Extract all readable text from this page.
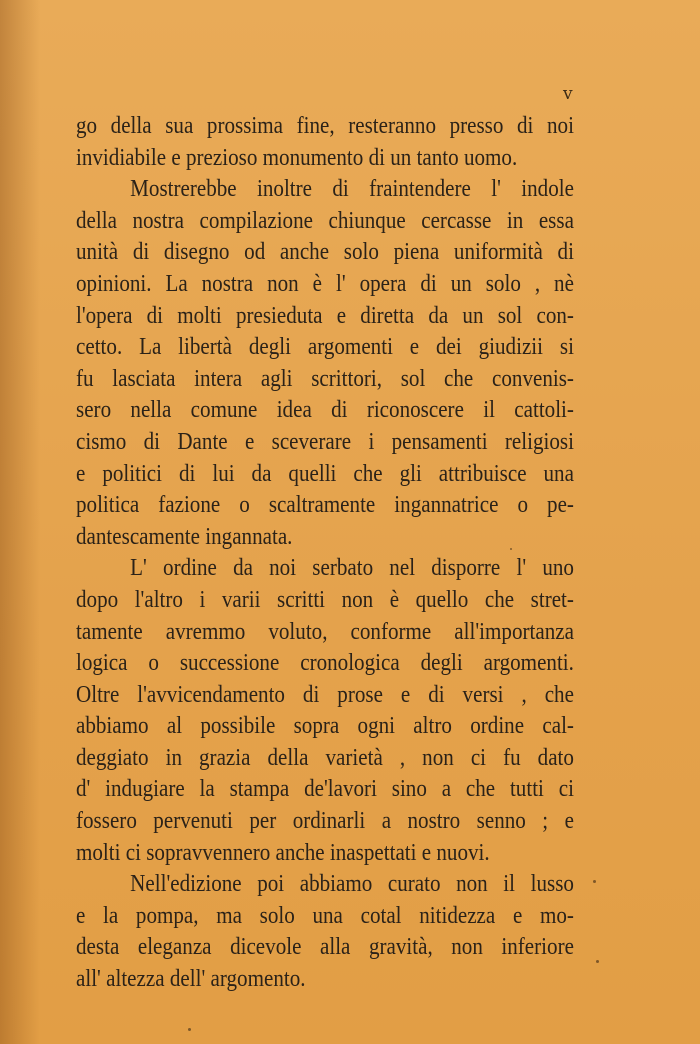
v
go della sua prossima fine, resteranno presso di noi
invidiabile e prezioso monumento di un tanto uomo.
Mostrerebbe inoltre di fraintendere l' indole
della nostra compilazione chiunque cercasse in essa
unità di disegno od anche solo piena uniformità di
opinioni. La nostra non è l' opera di un solo , nè
l'opera di molti presieduta e diretta da un sol con-
cetto. La libertà degli argomenti e dei giudizii si
fu lasciata intera agli scrittori, sol che convenis-
sero nella comune idea di riconoscere il cattoli-
cismo di Dante e sceverare i pensamenti religiosi
e politici di lui da quelli che gli attribuisce una
politica fazione o scaltramente ingannatrice o pe-
dantescamente ingannata.
L' ordine da noi serbato nel disporre l' uno
dopo l'altro i varii scritti non è quello che stret-
tamente avremmo voluto, conforme all'importanza
logica o successione cronologica degli argomenti.
Oltre l'avvicendamento di prose e di versi , che
abbiamo al possibile sopra ogni altro ordine cal-
deggiato in grazia della varietà , non ci fu dato
d' indugiare la stampa de'lavori sino a che tutti ci
fossero pervenuti per ordinarli a nostro senno ; e
molti ci sopravvennero anche inaspettati e nuovi.
Nell'edizione poi abbiamo curato non il lusso
e la pompa, ma solo una cotal nitidezza e mo-
desta eleganza dicevole alla gravità, non inferiore
all' altezza dell' argomento.
